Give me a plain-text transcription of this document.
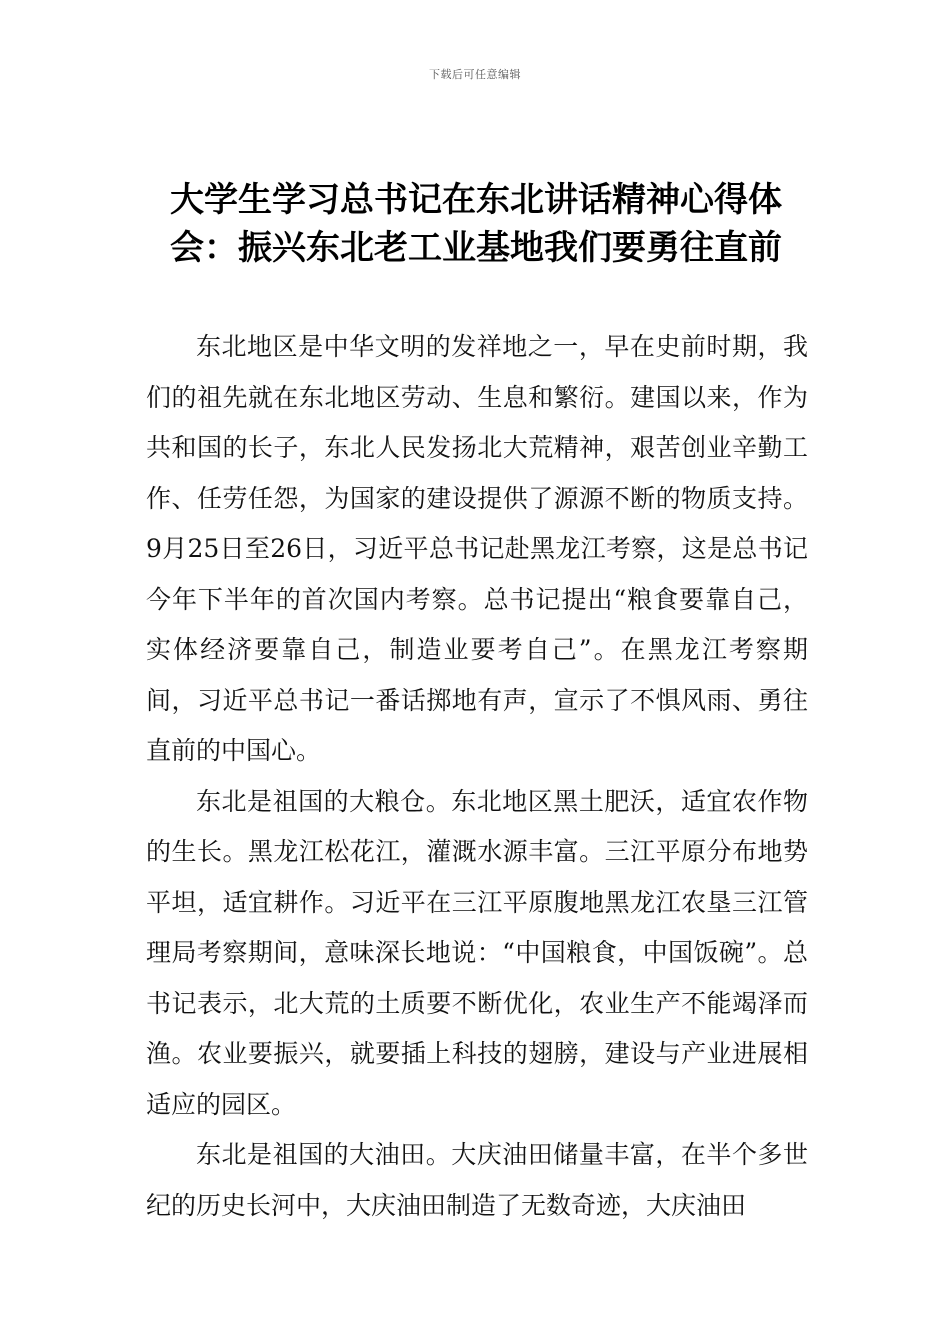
下载后可任意编辑
大学生学习总书记在东北讲话精神心得体会：振兴东北老工业基地我们要勇往直前

东北地区是中华文明的发祥地之一，早在史前时期，我们的祖先就在东北地区劳动、生息和繁衍。建国以来，作为共和国的长子，东北人民发扬北大荒精神，艰苦创业辛勤工作、任劳任怨，为国家的建设提供了源源不断的物质支持。9月25日至26日，习近平总书记赴黑龙江考察，这是总书记今年下半年的首次国内考察。总书记提出“粮食要靠自己，实体经济要靠自己，制造业要考自己”。在黑龙江考察期间，习近平总书记一番话掷地有声，宣示了不惧风雨、勇往直前的中国心。

东北是祖国的大粮仓。东北地区黑土肥沃，适宜农作物的生长。黑龙江松花江，灌溉水源丰富。三江平原分布地势平坦，适宜耕作。习近平在三江平原腹地黑龙江农垦三江管理局考察期间，意味深长地说：“中国粮食，中国饭碗”。总书记表示，北大荒的土质要不断优化，农业生产不能竭泽而渔。农业要振兴，就要插上科技的翅膀，建设与产业进展相适应的园区。

东北是祖国的大油田。大庆油田储量丰富，在半个多世纪的历史长河中，大庆油田制造了无数奇迹，大庆油田
